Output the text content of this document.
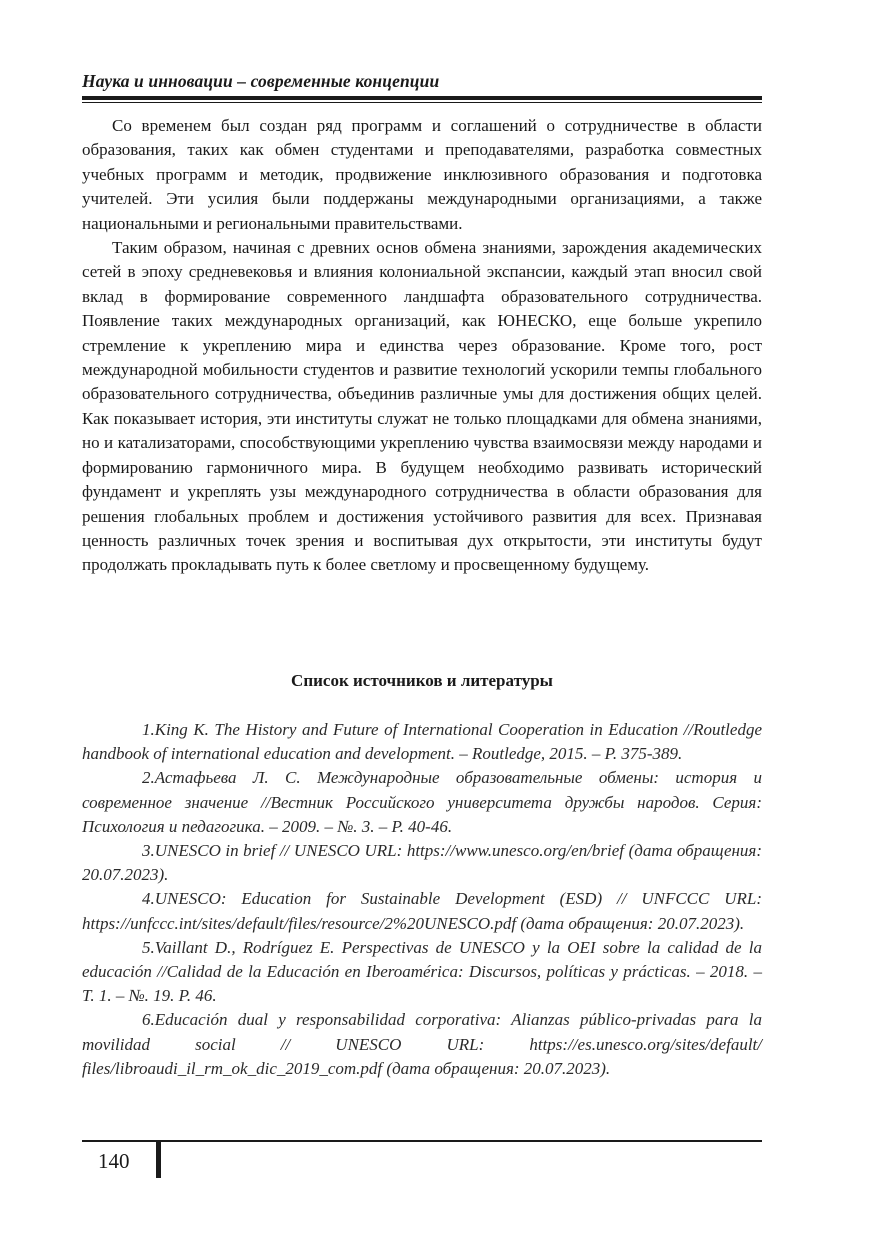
Наука и инновации – современные концепции

Со временем был создан ряд программ и соглашений о сотрудничестве в области образования, таких как обмен студентами и преподавателями, разработка совместных учебных программ и методик, продвижение инклюзивного образования и подготовка учителей. Эти усилия были поддержаны международными организациями, а также национальными и региональными правительствами.

Таким образом, начиная с древних основ обмена знаниями, зарождения академических сетей в эпоху средневековья и влияния колониальной экспансии, каждый этап вносил свой вклад в формирование современного ландшафта образовательного сотрудничества. Появление таких международных организаций, как ЮНЕСКО, еще больше укрепило стремление к укреплению мира и единства через образование. Кроме того, рост международной мобильности студентов и развитие технологий ускорили темпы глобального образовательного сотрудничества, объединив различные умы для достижения общих целей. Как показывает история, эти институты служат не только площадками для обмена знаниями, но и катализаторами, способствующими укреплению чувства взаимосвязи между народами и формированию гармоничного мира. В будущем необходимо развивать исторический фундамент и укреплять узы международного сотрудничества в области образования для решения глобальных проблем и достижения устойчивого развития для всех. Признавая ценность различных точек зрения и воспитывая дух открытости, эти институты будут продолжать прокладывать путь к более светлому и просвещенному будущему.

Список источников и литературы

1.King K. The History and Future of International Cooperation in Education //Routledge handbook of international education and development. – Routledge, 2015. – P. 375-389.

2.Астафьева Л. С. Международные образовательные обмены: история и современное значение //Вестник Российского университета дружбы народов. Серия: Психология и педагогика. – 2009. – №. 3. – P. 40-46.

3.UNESCO in brief // UNESCO URL: https://www.unesco.org/en/brief (дата обращения: 20.07.2023).

4.UNESCO: Education for Sustainable Development (ESD) // UNFCCC URL: https://unfccc.int/sites/default/files/resource/2%20UNESCO.pdf (дата обращения: 20.07.2023).

5.Vaillant D., Rodríguez E. Perspectivas de UNESCO y la OEI sobre la calidad de la educación //Calidad de la Educación en Iberoamérica: Discursos, políticas y prácticas. – 2018. – Т. 1. – №. 19. P. 46.

6.Educación dual y responsabilidad corporativa: Alianzas público-privadas para la movilidad social // UNESCO URL: https://es.unesco.org/sites/default/​files/libroaudi_il_rm_ok_dic_2019_com.pdf (дата обращения: 20.07.2023).

140
